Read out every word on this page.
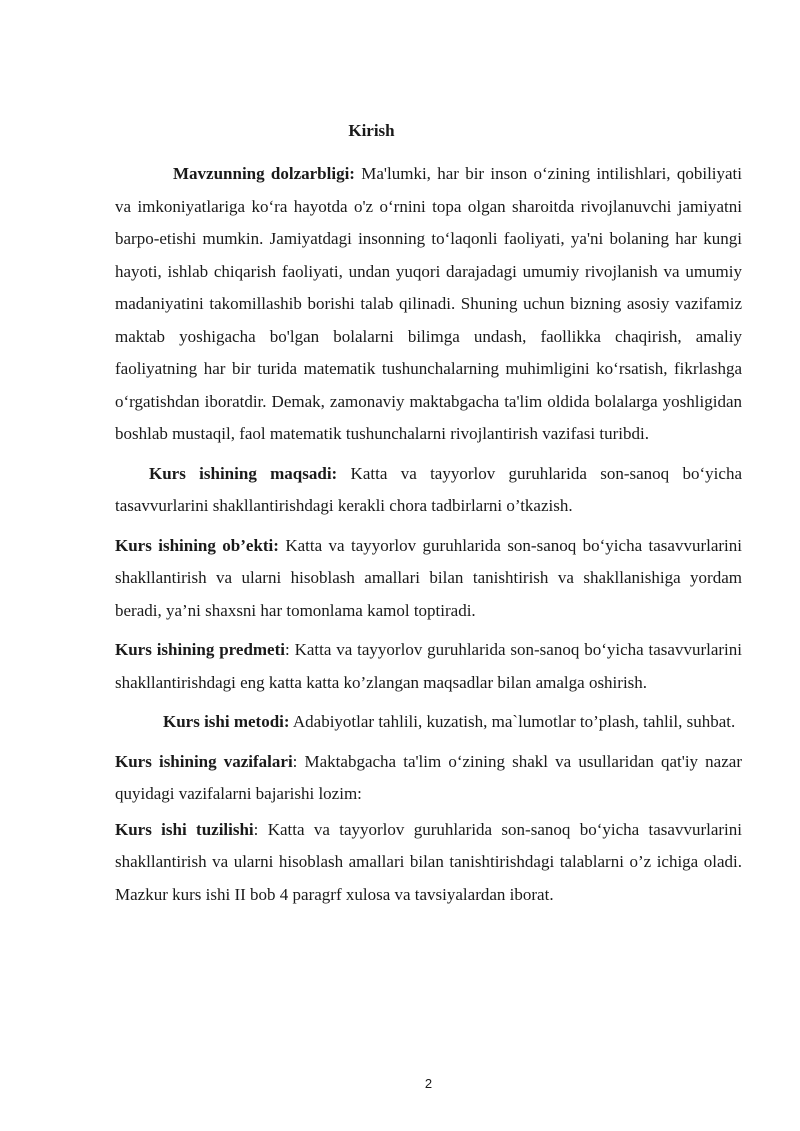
Kirish

Mavzunning dolzarbligi: Ma'lumki, har bir inson o‘zining intilishlari, qobiliyati va imkoniyatlariga ko‘ra hayotda o'z o‘rnini topa olgan sharoitda rivojlanuvchi jamiyatni barpo-etishi mumkin. Jamiyatdagi insonning to‘laqonli faoliyati, ya'ni bolaning har kungi hayoti, ishlab chiqarish faoliyati, undan yuqori darajadagi umumiy rivojlanish va umumiy madaniyatini takomillashib borishi talab qilinadi. Shuning uchun bizning asosiy vazifamiz maktab yoshigacha bo'lgan bolalarni bilimga undash, faollikka chaqirish, amaliy faoliyatning har bir turida matematik tushunchalarning muhimligini ko‘rsatish, fikrlashga o‘rgatishdan iboratdir. Demak, zamonaviy maktabgacha ta'lim oldida bolalarga yoshligidan boshlab mustaqil, faol matematik tushunchalarni rivojlantirish vazifasi turibdi.

Kurs ishining maqsadi: Katta va tayyorlov guruhlarida son-sanoq bo‘yicha tasavvurlarini shakllantirishdagi kerakli chora tadbirlarni o’tkazish.

Kurs ishining ob’ekti: Katta va tayyorlov guruhlarida son-sanoq bo‘yicha tasavvurlarini shakllantirish va ularni hisoblash amallari bilan tanishtirish va shakllanishiga yordam beradi, ya’ni shaxsni har tomonlama kamol toptiradi.

Kurs ishining predmeti: Katta va tayyorlov guruhlarida son-sanoq bo‘yicha tasavvurlarini shakllantirishdagi eng katta katta ko’zlangan maqsadlar bilan amalga oshirish.

Kurs ishi metodi: Adabiyotlar tahlili, kuzatish, ma`lumotlar to’plash, tahlil, suhbat.

Kurs ishining vazifalari: Maktabgacha ta'lim o‘zining shakl va usullaridan qat'iy nazar quyidagi vazifalarni bajarishi lozim:

Kurs ishi tuzilishi: Katta va tayyorlov guruhlarida son-sanoq bo‘yicha tasavvurlarini shakllantirish va ularni hisoblash amallari bilan tanishtirishdagi talablarni o’z ichiga oladi. Mazkur kurs ishi II bob 4 paragrf xulosa va tavsiyalardan iborat.

2
